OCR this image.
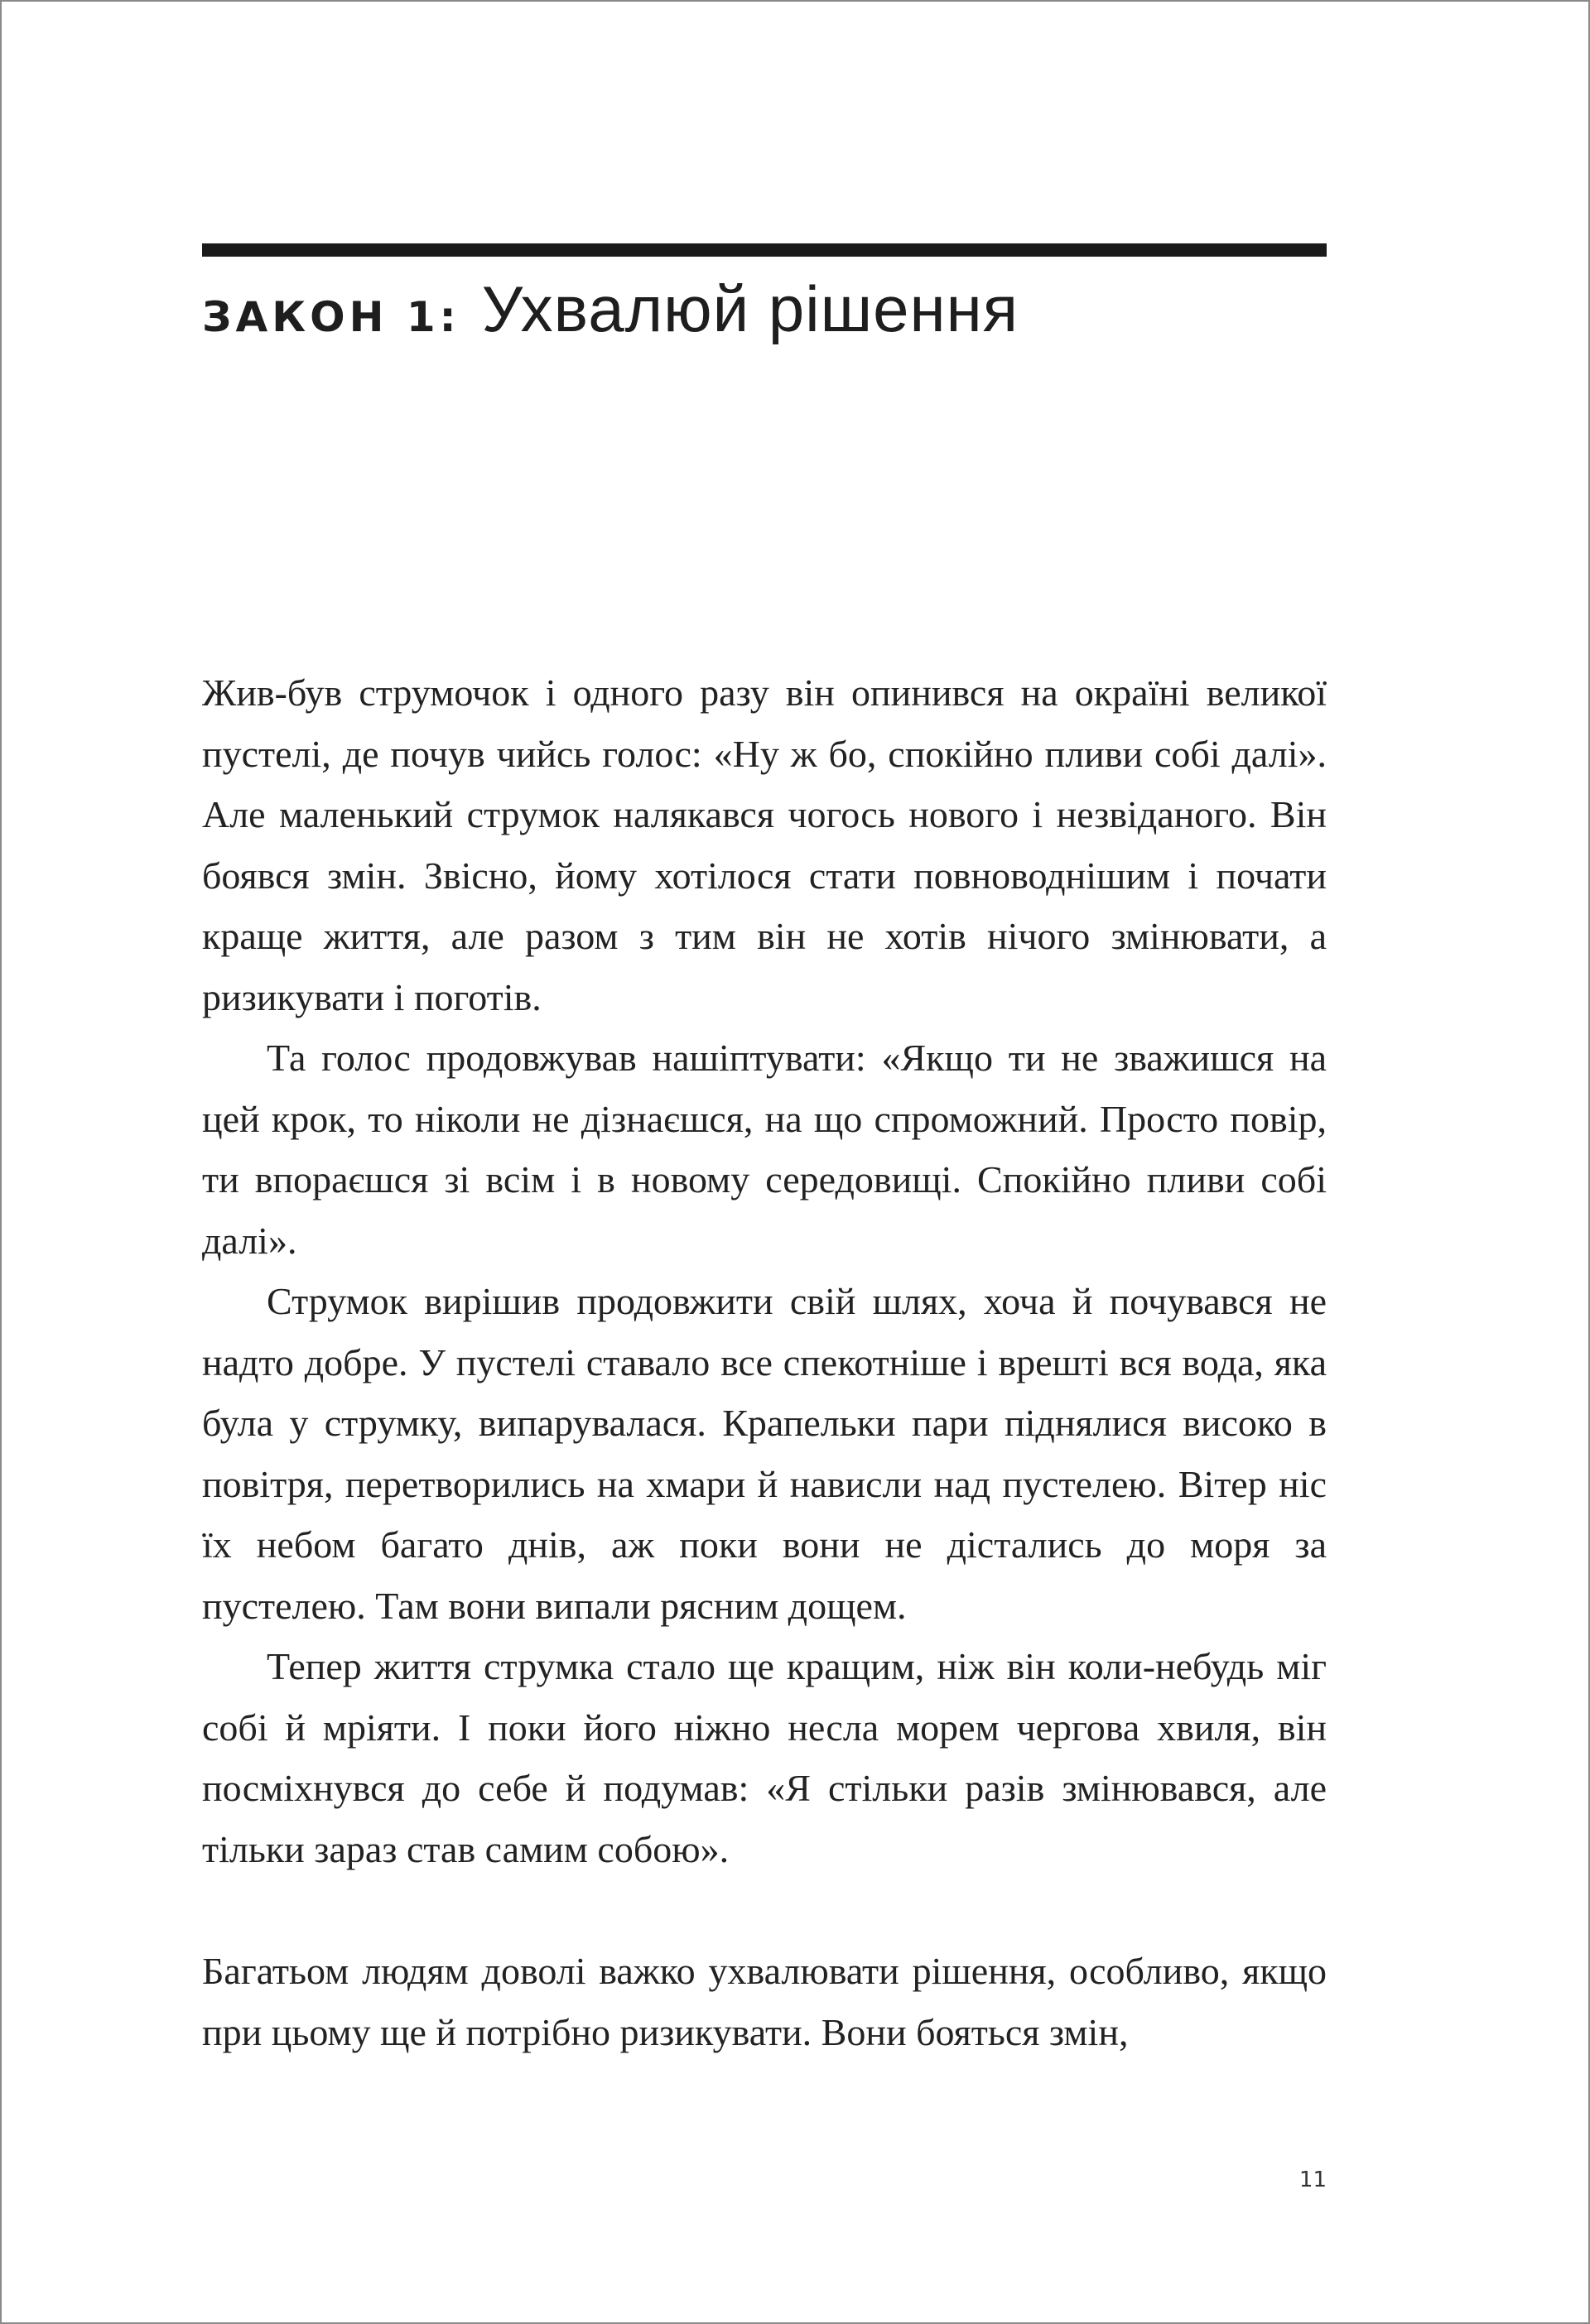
ЗАКОН 1: Ухвалюй рішення

Жив-був струмочок і одного разу він опинився на окраїні великої пустелі, де почув чийсь голос: «Ну ж бо, спокійно пливи собі далі». Але маленький струмок налякався чогось нового і незвіданого. Він боявся змін. Звісно, йому хотілося стати повноводнішим і почати краще життя, але разом з тим він не хотів нічого змінювати, а ризикувати і поготів.

Та голос продовжував нашіптувати: «Якщо ти не зважишся на цей крок, то ніколи не дізнаєшся, на що спроможний. Просто повір, ти впораєшся зі всім і в новому середовищі. Спокійно пливи собі далі».

Струмок вирішив продовжити свій шлях, хоча й почувався не надто добре. У пустелі ставало все спекотніше і врешті вся вода, яка була у струмку, випарувалася. Крапельки пари піднялися високо в повітря, перетворились на хмари й нависли над пустелею. Вітер ніс їх небом багато днів, аж поки вони не дістались до моря за пустелею. Там вони випали рясним дощем.

Тепер життя струмка стало ще кращим, ніж він коли-небудь міг собі й мріяти. І поки його ніжно несла морем чергова хвиля, він посміхнувся до себе й подумав: «Я стільки разів змінювався, але тільки зараз став самим собою».

Багатьом людям доволі важко ухвалювати рішення, особливо, якщо при цьому ще й потрібно ризикувати. Вони бояться змін,

11
